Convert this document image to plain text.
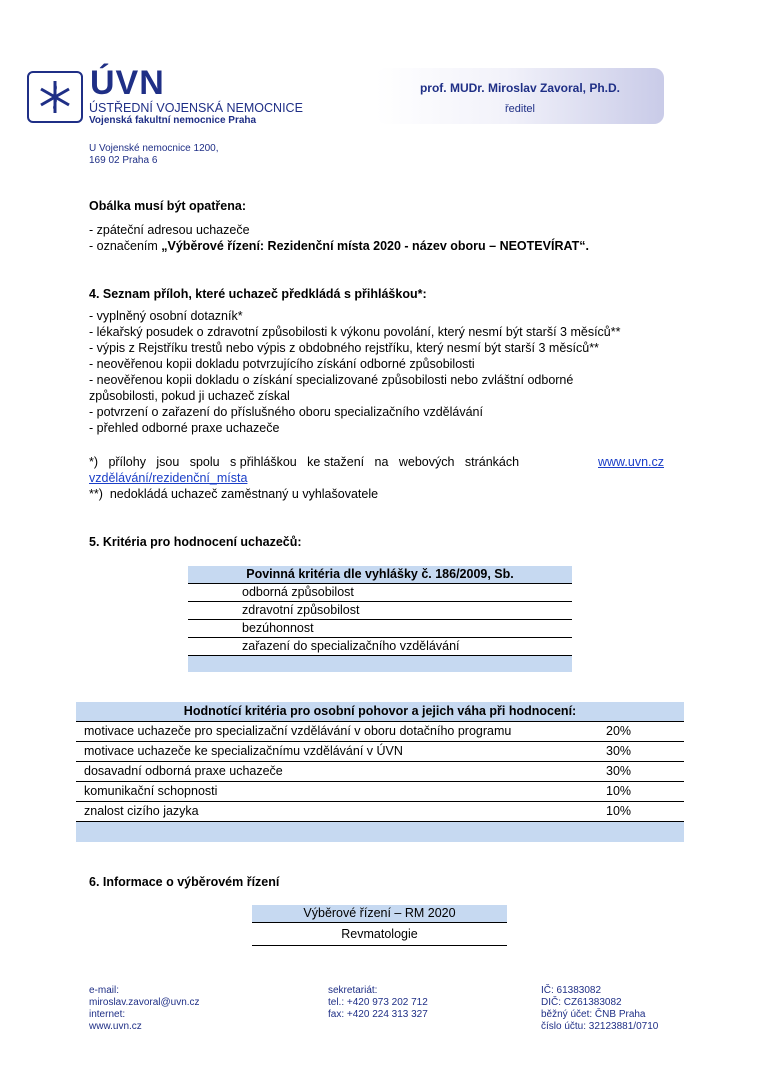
ÚVN
ÚSTŘEDNÍ VOJENSKÁ NEMOCNICE
Vojenská fakultní nemocnice Praha
prof. MUDr. Miroslav Zavoral, Ph.D.
ředitel
U Vojenské nemocnice 1200,
169 02 Praha 6
Obálka musí být opatřena:
- zpáteční adresou uchazeče
- označením „Výběrové řízení: Rezidenční místa 2020 - název oboru – NEOTEVÍRAT“.
4. Seznam příloh, které uchazeč předkládá s přihláškou*:
- vyplněný osobní dotazník*
- lékařský posudek o zdravotní způsobilosti k výkonu povolání, který nesmí být starší 3 měsíců**
- výpis z Rejstříku trestů nebo výpis z obdobného rejstříku, který nesmí být starší 3 měsíců**
- neověřenou kopii dokladu potvrzujícího získání odborné způsobilosti
- neověřenou kopii dokladu o získání specializované způsobilosti nebo zvláštní odborné
způsobilosti, pokud ji uchazeč získal
- potvrzení o zařazení do příslušného oboru specializačního vzdělávání
- přehled odborné praxe uchazeče
*)   přílohy   jsou   spolu   s přihláškou   ke stažení   na   webových   stránkách	www.uvn.cz
vzdělávání/rezidenční_místa
**)  nedokládá uchazeč zaměstnaný u vyhlašovatele
5. Kritéria pro hodnocení uchazečů:
Povinná kritéria dle vyhlášky č. 186/2009, Sb.
odborná způsobilost
zdravotní způsobilost
bezúhonnost
zařazení do specializačního vzdělávání

Hodnotící kritéria pro osobní pohovor a jejich váha při hodnocení:	
motivace uchazeče pro specializační vzdělávání v oboru dotačního programu	20%
motivace uchazeče ke specializačnímu vzdělávání v ÚVN	30%
dosavadní odborná praxe uchazeče	30%
komunikační schopnosti	10%
znalost cizího jazyka	10%

6. Informace o výběrovém řízení
Výběrové řízení – RM 2020
Revmatologie
e-mail:
miroslav.zavoral@uvn.cz
internet:
www.uvn.cz
sekretariát:
tel.: +420 973 202 712
fax: +420 224 313 327
IČ: 61383082
DIČ: CZ61383082
běžný účet: ČNB Praha
číslo účtu: 32123881/0710
